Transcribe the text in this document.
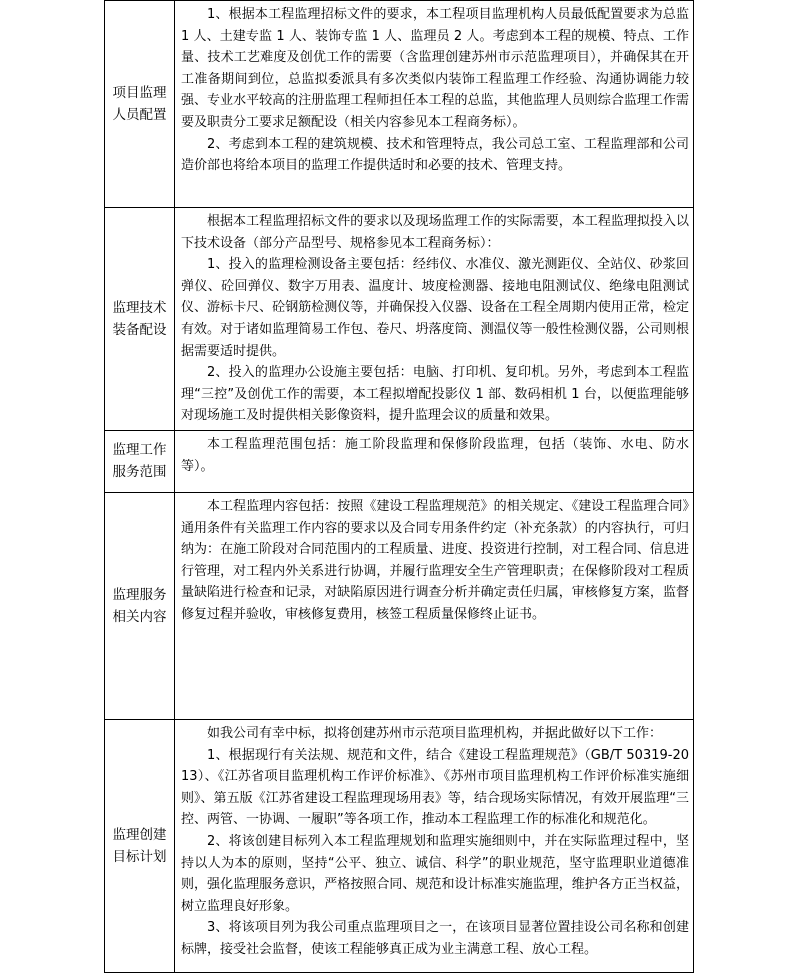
项目监理人员配置	1、根据本工程监理招标文件的要求，本工程项目监理机构人员最低配置要求为总监 1 人、土建专监 1 人、装饰专监 1 人、监理员 2 人。考虑到本工程的规模、特点、工作量、技术工艺难度及创优工作的需要（含监理创建苏州市示范监理项目），并确保其在开工准备期间到位，总监拟委派具有多次类似内装饰工程监理工作经验、沟通协调能力较强、专业水平较高的注册监理工程师担任本工程的总监，其他监理人员则综合监理工作需要及职责分工要求足额配设（相关内容参见本工程商务标）。

2、考虑到本工程的建筑规模、技术和管理特点，我公司总工室、工程监理部和公司造价部也将给本项目的监理工作提供适时和必要的技术、管理支持。

监理技术装备配设	根据本工程监理招标文件的要求以及现场监理工作的实际需要，本工程监理拟投入以下技术设备（部分产品型号、规格参见本工程商务标）：

1、投入的监理检测设备主要包括：经纬仪、水准仪、激光测距仪、全站仪、砂浆回弹仪、砼回弹仪、数字万用表、温度计、坡度检测器、接地电阻测试仪、绝缘电阻测试仪、游标卡尺、砼钢筋检测仪等，并确保投入仪器、设备在工程全周期内使用正常，检定有效。对于诸如监理简易工作包、卷尺、坍落度筒、测温仪等一般性检测仪器，公司则根据需要适时提供。

2、投入的监理办公设施主要包括：电脑、打印机、复印机。另外，考虑到本工程监理“三控”及创优工作的需要，本工程拟增配投影仪 1 部、数码相机 1 台，以便监理能够对现场施工及时提供相关影像资料，提升监理会议的质量和效果。

监理工作服务范围	本工程监理范围包括：施工阶段监理和保修阶段监理，包括（装饰、水电、防水等）。

监理服务相关内容	本工程监理内容包括：按照《建设工程监理规范》的相关规定、《建设工程监理合同》通用条件有关监理工作内容的要求以及合同专用条件约定（补充条款）的内容执行，可归纳为：在施工阶段对合同范围内的工程质量、进度、投资进行控制，对工程合同、信息进行管理，对工程内外关系进行协调，并履行监理安全生产管理职责；在保修阶段对工程质量缺陷进行检查和记录，对缺陷原因进行调查分析并确定责任归属，审核修复方案，监督修复过程并验收，审核修复费用，核签工程质量保修终止证书。

监理创建目标计划	如我公司有幸中标，拟将创建苏州市示范项目监理机构，并据此做好以下工作：

1、根据现行有关法规、规范和文件，结合《建设工程监理规范》（GB/T 50319-2013）、《江苏省项目监理机构工作评价标准》、《苏州市项目监理机构工作评价标准实施细则》、第五版《江苏省建设工程监理现场用表》等，结合现场实际情况，有效开展监理“三控、两管、一协调、一履职”等各项工作，推动本工程监理工作的标准化和规范化。

2、将该创建目标列入本工程监理规划和监理实施细则中，并在实际监理过程中，坚持以人为本的原则，坚持“公平、独立、诚信、科学”的职业规范，坚守监理职业道德准则，强化监理服务意识，严格按照合同、规范和设计标准实施监理，维护各方正当权益，树立监理良好形象。

3、将该项目列为我公司重点监理项目之一，在该项目显著位置挂设公司名称和创建标牌，接受社会监督，使该工程能够真正成为业主满意工程、放心工程。
